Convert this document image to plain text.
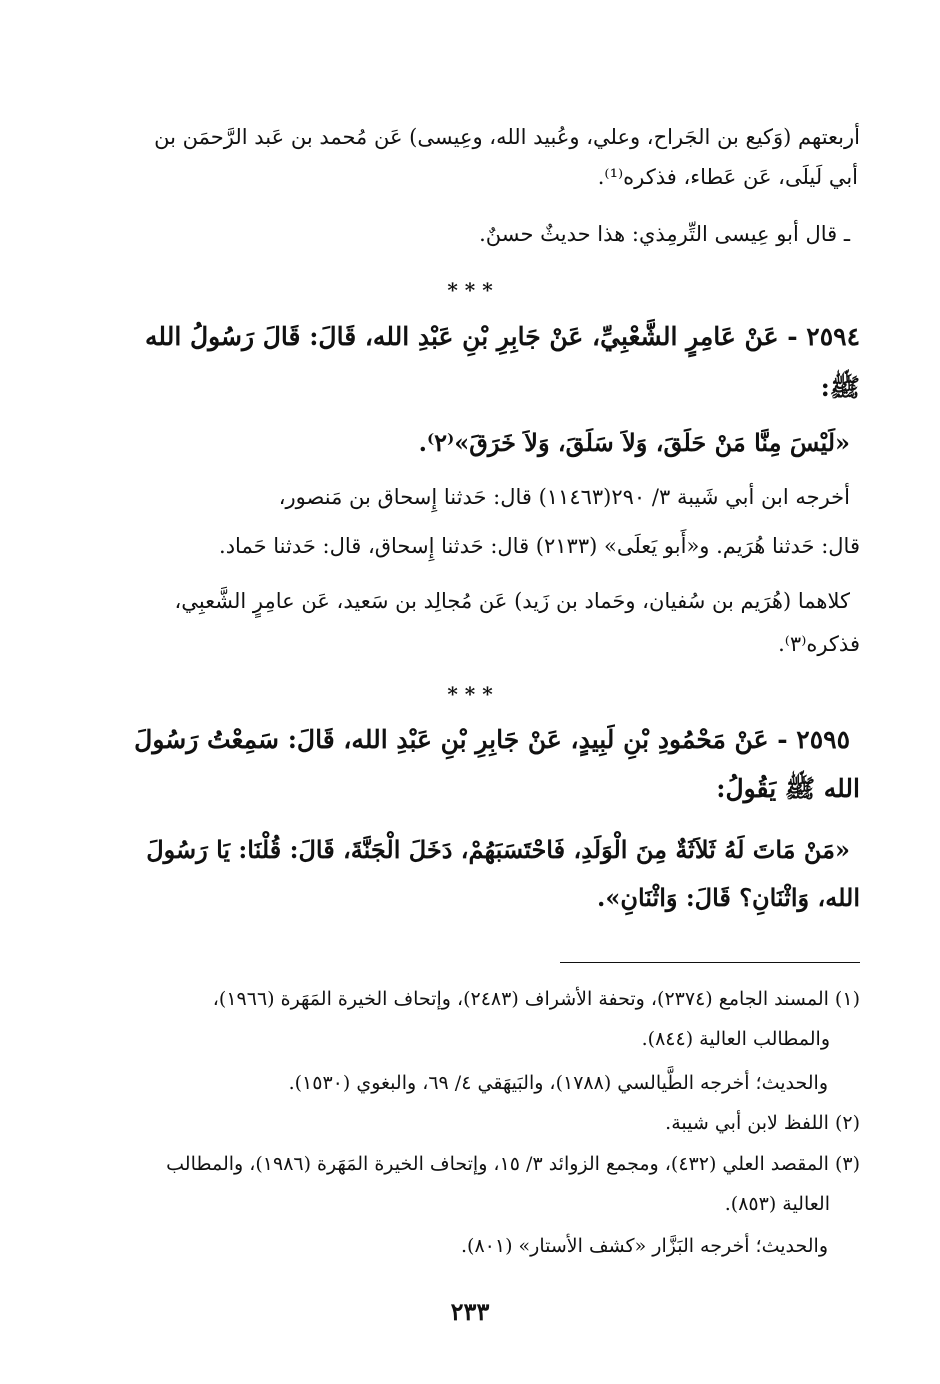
أربعتهم (وَكيع بن الجَراح، وعلي، وعُبيد الله، وعِيسى) عَن مُحمد بن عَبد الرَّحمَن بن
أبي لَيلَى، عَن عَطاء، فذكره⁽¹⁾.
ـ قال أبو عِيسى التِّرمِذي: هذا حديثٌ حسنٌ.
* * *
٢٥٩٤ - عَنْ عَامِرٍ الشَّعْبِيِّ، عَنْ جَابِرِ بْنِ عَبْدِ الله، قَالَ: قَالَ رَسُولُ الله
ﷺ:
«لَيْسَ مِنَّا مَنْ حَلَقَ، وَلاَ سَلَقَ، وَلاَ خَرَقَ»⁽٢⁾.
أخرجه ابن أبي شَيبة ٣/ ٢٩٠(١١٤٦٣) قال: حَدثنا إِسحاق بن مَنصور،
قال: حَدثنا هُرَيم. و«أَبو يَعلَى» (٢١٣٣) قال: حَدثنا إِسحاق، قال: حَدثنا حَماد.
كلاهما (هُرَيم بن سُفيان، وحَماد بن زَيد) عَن مُجالِد بن سَعيد، عَن عامِرٍ الشَّعبِي،
فذكره⁽٣⁾.
* * *
٢٥٩٥ - عَنْ مَحْمُودِ بْنِ لَبِيدٍ، عَنْ جَابِرِ بْنِ عَبْدِ الله، قَالَ: سَمِعْتُ رَسُولَ
الله ﷺ يَقُولُ:
«مَنْ مَاتَ لَهُ ثَلاَثَةٌ مِنَ الْوَلَدِ، فَاحْتَسَبَهُمْ، دَخَلَ الْجَنَّةَ، قَالَ: قُلْنَا: يَا رَسُولَ
الله، وَاثْنَانِ؟ قَالَ: وَاثْنَانِ».
(١) المسند الجامع (٢٣٧٤)، وتحفة الأشراف (٢٤٨٣)، وإتحاف الخيرة المَهَرة (١٩٦٦)،
والمطالب العالية (٨٤٤).
والحديث؛ أخرجه الطَّيالسي (١٧٨٨)، والبَيهَقي ٤/ ٦٩، والبغوي (١٥٣٠).
(٢) اللفظ لابن أبي شيبة.
(٣) المقصد العلي (٤٣٢)، ومجمع الزوائد ٣/ ١٥، وإتحاف الخيرة المَهَرة (١٩٨٦)، والمطالب
العالية (٨٥٣).
والحديث؛ أخرجه البَزَّار «كشف الأستار» (٨٠١).
٢٣٣
